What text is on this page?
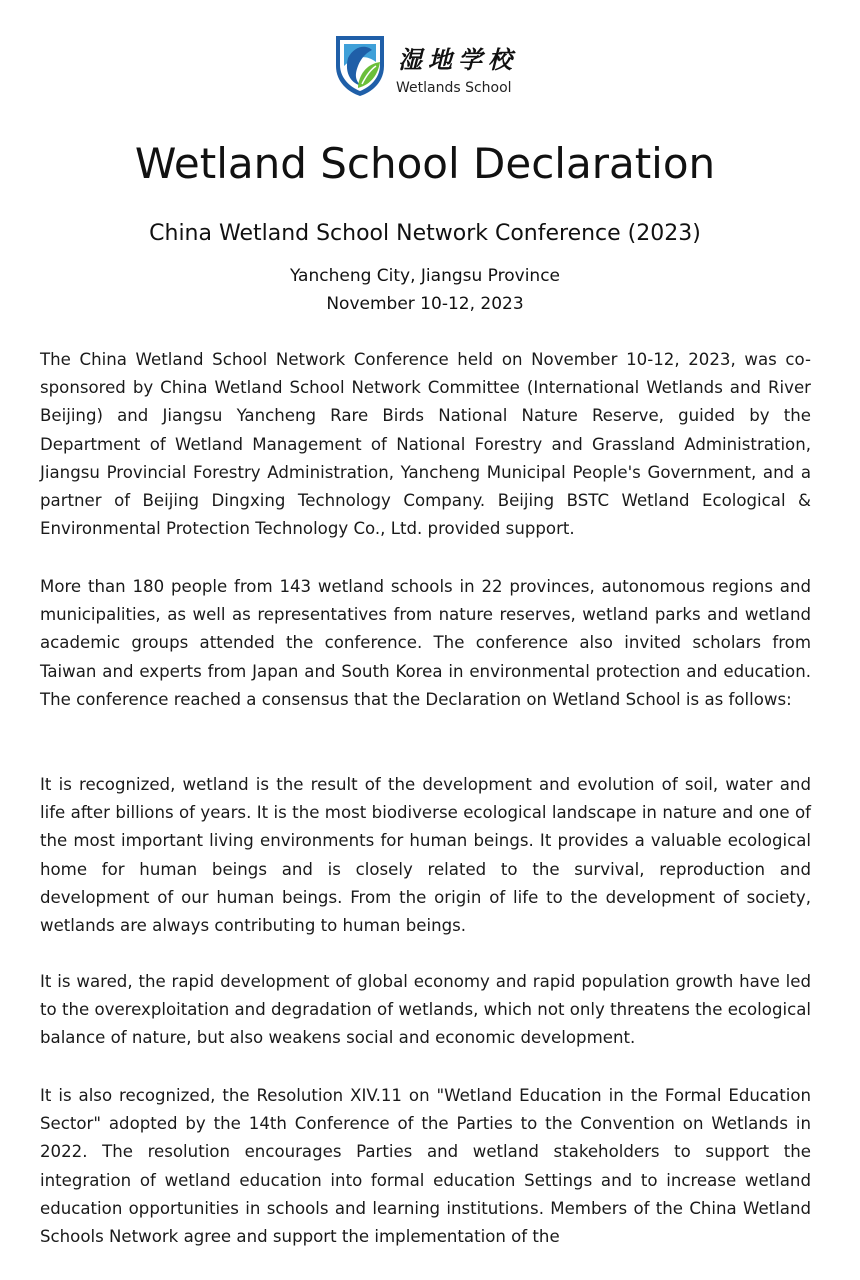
湿地学校
Wetlands School
Wetland School Declaration
China Wetland School Network Conference (2023)
Yancheng City, Jiangsu Province
November 10-12, 2023

The China Wetland School Network Conference held on November 10-12, 2023, was co-sponsored by China Wetland School Network Committee (International Wetlands and River Beijing) and Jiangsu Yancheng Rare Birds National Nature Reserve, guided by the Department of Wetland Management of National Forestry and Grassland Administration, Jiangsu Provincial Forestry Administration, Yancheng Municipal People's Government, and a partner of Beijing Dingxing Technology Company. Beijing BSTC Wetland Ecological & Environmental Protection Technology Co., Ltd. provided support.

More than 180 people from 143 wetland schools in 22 provinces, autonomous regions and municipalities, as well as representatives from nature reserves, wetland parks and wetland academic groups attended the conference. The conference also invited scholars from Taiwan and experts from Japan and South Korea in environmental protection and education. The conference reached a consensus that the Declaration on Wetland School is as follows:

It is recognized, wetland is the result of the development and evolution of soil, water and life after billions of years. It is the most biodiverse ecological landscape in nature and one of the most important living environments for human beings. It provides a valuable ecological home for human beings and is closely related to the survival, reproduction and development of our human beings. From the origin of life to the development of society, wetlands are always contributing to human beings.

It is wared, the rapid development of global economy and rapid population growth have led to the overexploitation and degradation of wetlands, which not only threatens the ecological balance of nature, but also weakens social and economic development.

It is also recognized, the Resolution XIV.11 on "Wetland Education in the Formal Education Sector" adopted by the 14th Conference of the Parties to the Convention on Wetlands in 2022. The resolution encourages Parties and wetland stakeholders to support the integration of wetland education into formal education Settings and to increase wetland education opportunities in schools and learning institutions. Members of the China Wetland Schools Network agree and support the implementation of the
